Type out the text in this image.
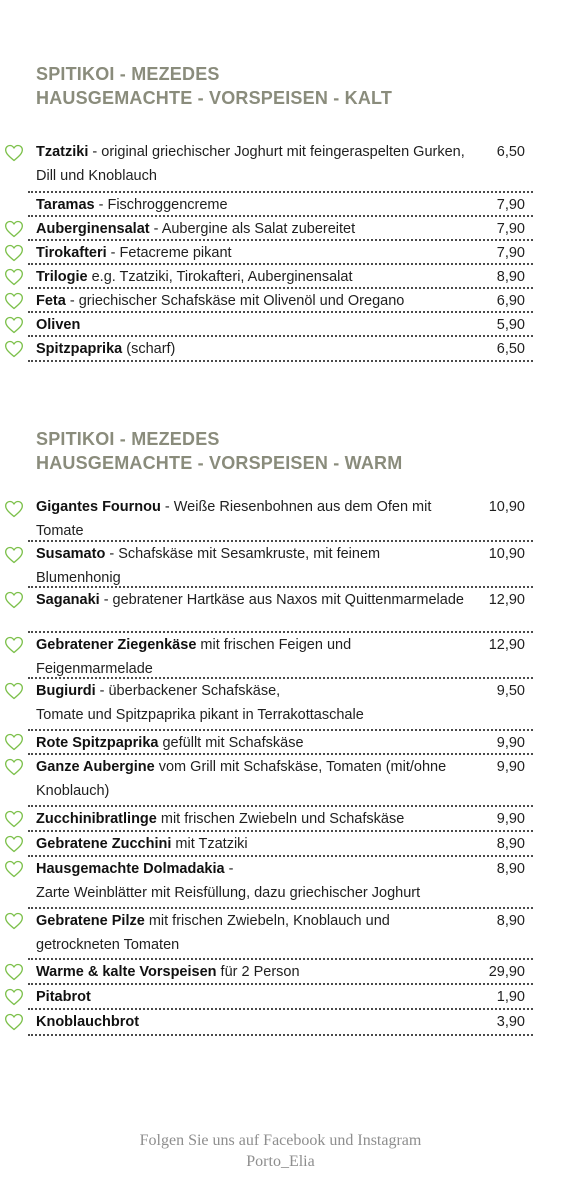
SPITIKOI - MEZEDES
HAUSGEMACHTE - VORSPEISEN - KALT
Tzatziki - original griechischer Joghurt mit feingeraspelten Gurken, Dill und Knoblauch
6,50
Taramas - Fischroggencreme	7,90
Auberginensalat - Aubergine als Salat zubereitet	7,90
Tirokafteri - Fetacreme pikant	7,90
Trilogie e.g. Tzatziki, Tirokafteri, Auberginensalat	8,90
Feta - griechischer Schafskäse mit Olivenöl und Oregano	6,90
Oliven	5,90
Spitzpaprika (scharf)	6,50
SPITIKOI - MEZEDES
HAUSGEMACHTE - VORSPEISEN - WARM
Gigantes Fournou - Weiße Riesenbohnen aus dem Ofen mit Tomate
10,90
Susamato - Schafskäse mit Sesamkruste, mit feinem Blumenhonig
10,90
Saganaki - gebratener Hartkäse aus Naxos mit Quittenmarmelade 12,90
Gebratener Ziegenkäse mit frischen Feigen und Feigenmarmelade
12,90
Bugiurdi - überbackener Schafskäse,
Tomate und Spitzpaprika pikant in Terrakottaschale
9,50
Rote Spitzpaprika gefüllt mit Schafskäse	9,90
Ganze Aubergine vom Grill mit Schafskäse, Tomaten (mit/ohne Knoblauch)
9,90
Zucchinibratlinge mit frischen Zwiebeln und Schafskäse	9,90
Gebratene Zucchini mit Tzatziki	8,90
Hausgemachte Dolmadakia -
Zarte Weinblätter mit Reisfüllung, dazu griechischer Joghurt
8,90
Gebratene Pilze mit frischen Zwiebeln, Knoblauch und getrockneten Tomaten
8,90
Warme & kalte Vorspeisen für 2 Person	29,90
Pitabrot	1,90
Knoblauchbrot	3,90
Folgen Sie uns auf Facebook und Instagram
Porto_Elia
